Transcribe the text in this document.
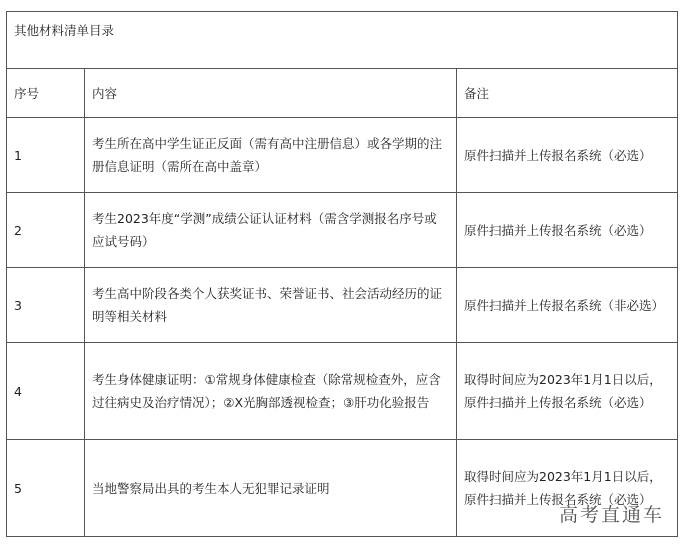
其他材料清单目录		
序号	内容	备注
1	考生所在高中学生证正反面（需有高中注册信息）或各学期的注册信息证明（需所在高中盖章）	原件扫描并上传报名系统（必选）
2	考生2023年度“学测”成绩公证认证材料（需含学测报名序号或应试号码）	原件扫描并上传报名系统（必选）
3	考生高中阶段各类个人获奖证书、荣誉证书、社会活动经历的证明等相关材料	原件扫描并上传报名系统（非必选）
4	考生身体健康证明：①常规身体健康检查（除常规检查外，应含过往病史及治疗情况）；②X光胸部透视检查；③肝功化验报告	取得时间应为2023年1月1日以后，原件扫描并上传报名系统（必选）
5	当地警察局出具的考生本人无犯罪记录证明	取得时间应为2023年1月1日以后，原件扫描并上传报名系统（必选）
高考直通车
